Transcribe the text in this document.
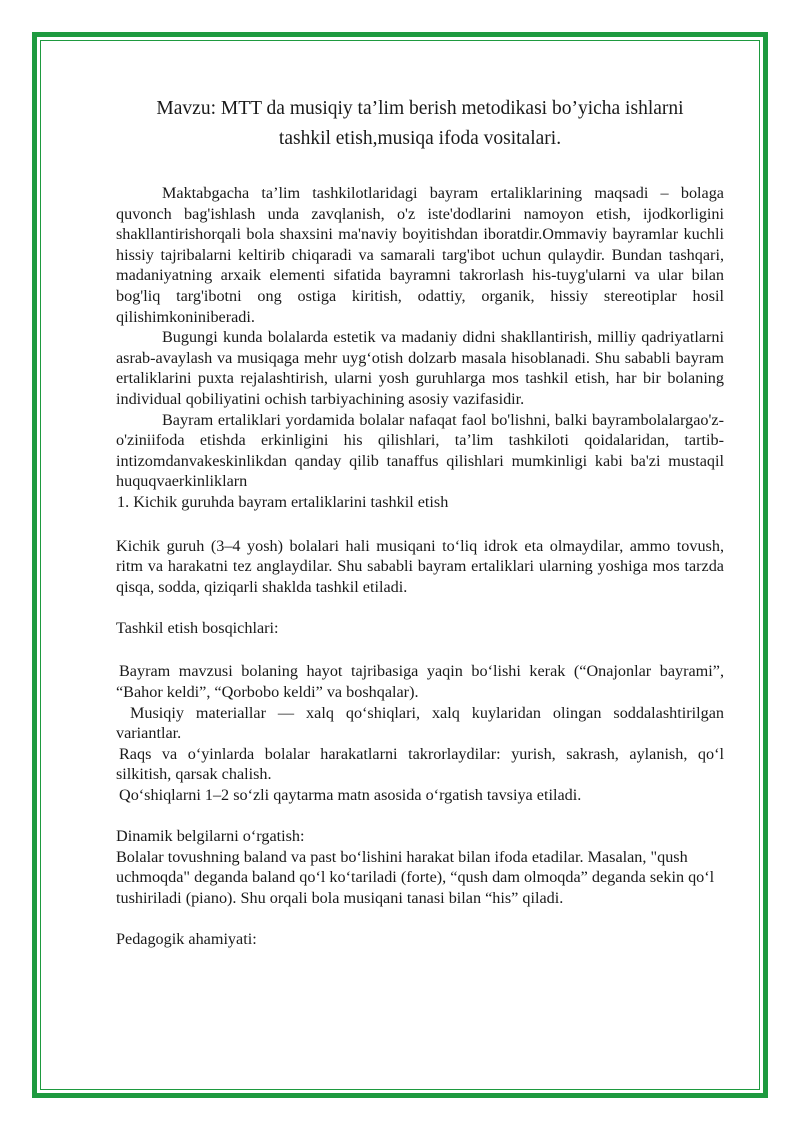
Mavzu: MTT da musiqiy ta’lim berish metodikasi bo’yicha ishlarni
tashkil etish,musiqa ifoda vositalari.

Maktabgacha ta’lim tashkilotlaridagi bayram ertaliklarining maqsadi – bolaga quvonch bag'ishlash unda zavqlanish, o'z iste'dodlarini namoyon etish, ijodkorligini shakllantirishorqali bola shaxsini ma'naviy boyitishdan iboratdir.Ommaviy bayramlar kuchli hissiy tajribalarni keltirib chiqaradi va samarali targ'ibot uchun qulaydir. Bundan tashqari, madaniyatning arxaik elementi sifatida bayramni takrorlash his-tuyg'ularni va ular bilan bog'liq targ'ibotni ong ostiga kiritish, odattiy, organik, hissiy stereotiplar hosil qilishimkoniniberadi.

Bugungi kunda bolalarda estetik va madaniy didni shakllantirish, milliy qadriyatlarni asrab-avaylash va musiqaga mehr uyg‘otish dolzarb masala hisoblanadi. Shu sababli bayram ertaliklarini puxta rejalashtirish, ularni yosh guruhlarga mos tashkil etish, har bir bolaning individual qobiliyatini ochish tarbiyachining asosiy vazifasidir.

Bayram ertaliklari yordamida bolalar nafaqat faol bo'lishni, balki bayrambolalargao'z-o'ziniifoda etishda erkinligini his qilishlari, ta’lim tashkiloti qoidalaridan, tartib-intizomdanvakeskinlikdan qanday qilib tanaffus qilishlari mumkinligi kabi ba'zi mustaqil huquqvaerkinliklarn

1. Kichik guruhda bayram ertaliklarini tashkil etish

Kichik guruh (3–4 yosh) bolalari hali musiqani to‘liq idrok eta olmaydilar, ammo tovush, ritm va harakatni tez anglaydilar. Shu sababli bayram ertaliklari ularning yoshiga mos tarzda qisqa, sodda, qiziqarli shaklda tashkil etiladi.

Tashkil etish bosqichlari:

Bayram mavzusi bolaning hayot tajribasiga yaqin bo‘lishi kerak (“Onajonlar bayrami”, “Bahor keldi”, “Qorbobo keldi” va boshqalar).

Musiqiy materiallar — xalq qo‘shiqlari, xalq kuylaridan olingan soddalashtirilgan variantlar.

Raqs va o‘yinlarda bolalar harakatlarni takrorlaydilar: yurish, sakrash, aylanish, qo‘l silkitish, qarsak chalish.

Qo‘shiqlarni 1–2 so‘zli qaytarma matn asosida o‘rgatish tavsiya etiladi.

Dinamik belgilarni o‘rgatish:

Bolalar tovushning baland va past bo‘lishini harakat bilan ifoda etadilar. Masalan, "qush uchmoqda" deganda baland qo‘l ko‘tariladi (forte), “qush dam olmoqda” deganda sekin qo‘l tushiriladi (piano). Shu orqali bola musiqani tanasi bilan “his” qiladi.

Pedagogik ahamiyati:
